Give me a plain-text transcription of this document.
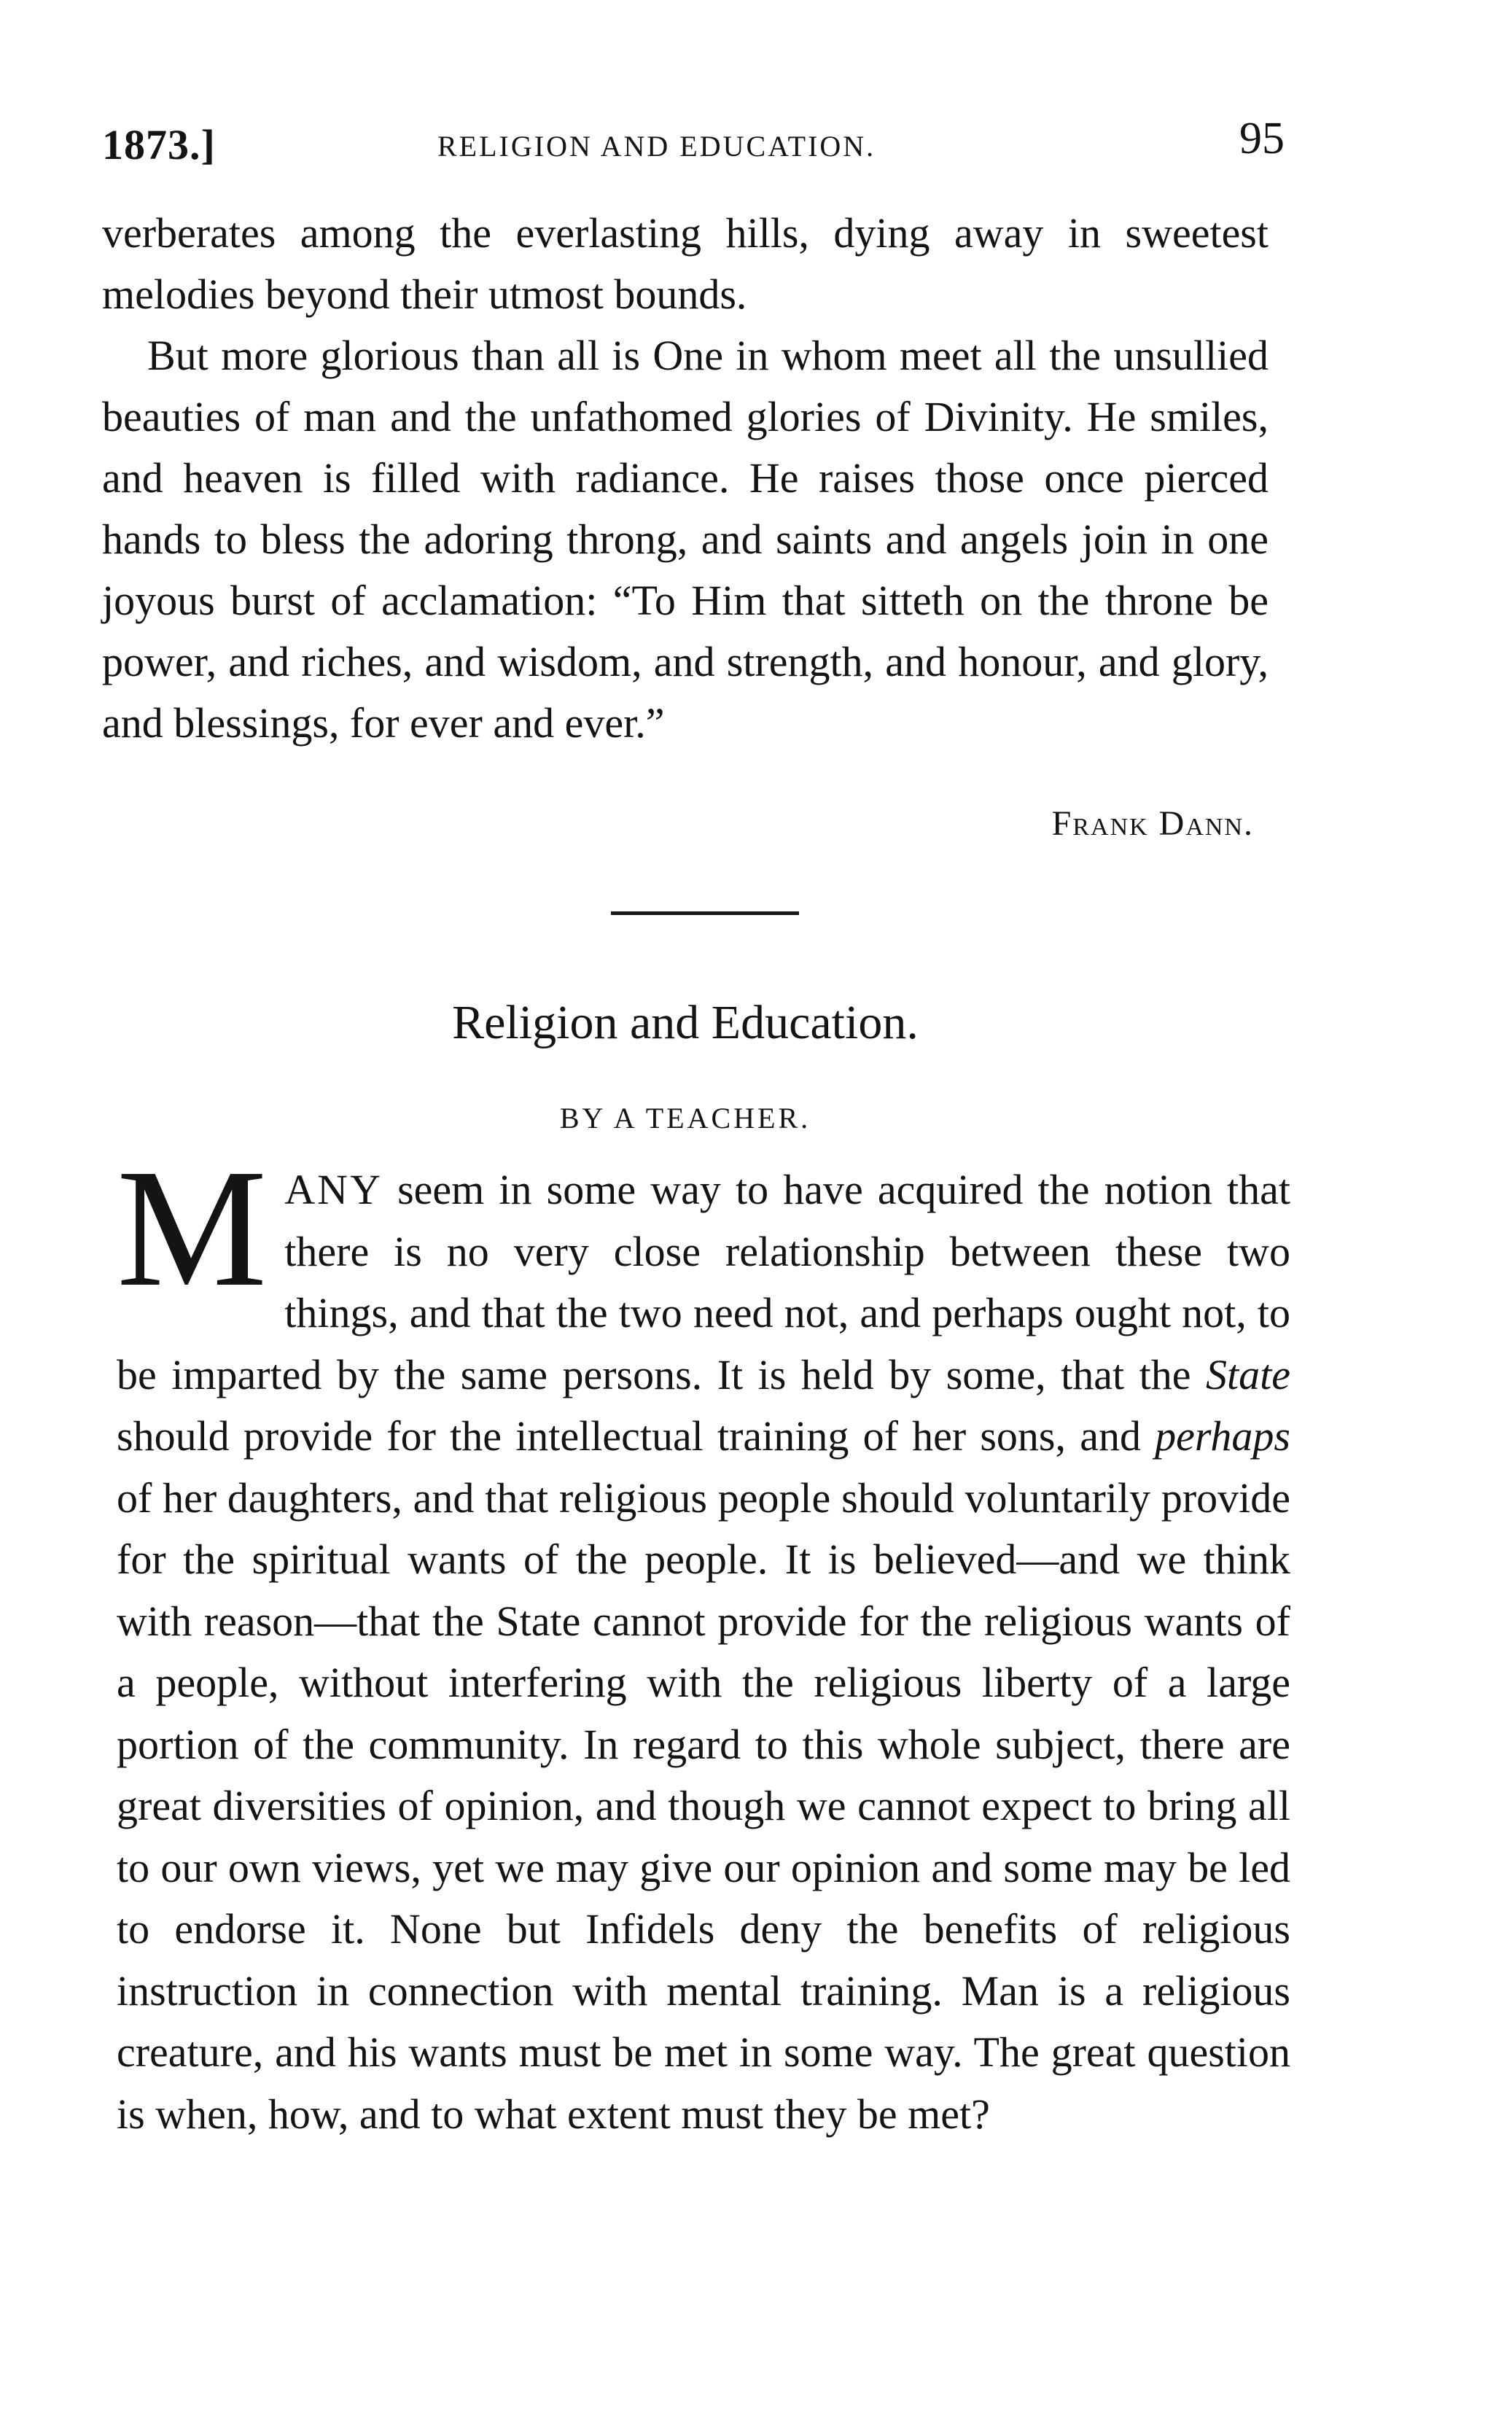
1873.]	RELIGION AND EDUCATION.	95

verberates among the everlasting hills, dying away in sweetest melodies beyond their utmost bounds.

But more glorious than all is One in whom meet all the unsullied beauties of man and the unfathomed glories of Divinity. He smiles, and heaven is filled with radiance. He raises those once pierced hands to bless the adoring throng, and saints and angels join in one joyous burst of acclamation: “To Him that sitteth on the throne be power, and riches, and wisdom, and strength, and honour, and glory, and blessings, for ever and ever.”

Frank Dann.
Religion and Education.
BY A TEACHER.

MANY seem in some way to have acquired the notion that there is no very close relationship between these two things, and that the two need not, and perhaps ought not, to be imparted by the same persons. It is held by some, that the State should provide for the intellectual training of her sons, and perhaps of her daughters, and that religious people should voluntarily provide for the spiritual wants of the people. It is believed—and we think with reason—that the State cannot provide for the religious wants of a people, without interfering with the religious liberty of a large portion of the community. In regard to this whole subject, there are great diversities of opinion, and though we cannot expect to bring all to our own views, yet we may give our opinion and some may be led to endorse it. None but Infidels deny the benefits of religious instruction in connection with mental training. Man is a religious creature, and his wants must be met in some way. The great question is when, how, and to what extent must they be met?
